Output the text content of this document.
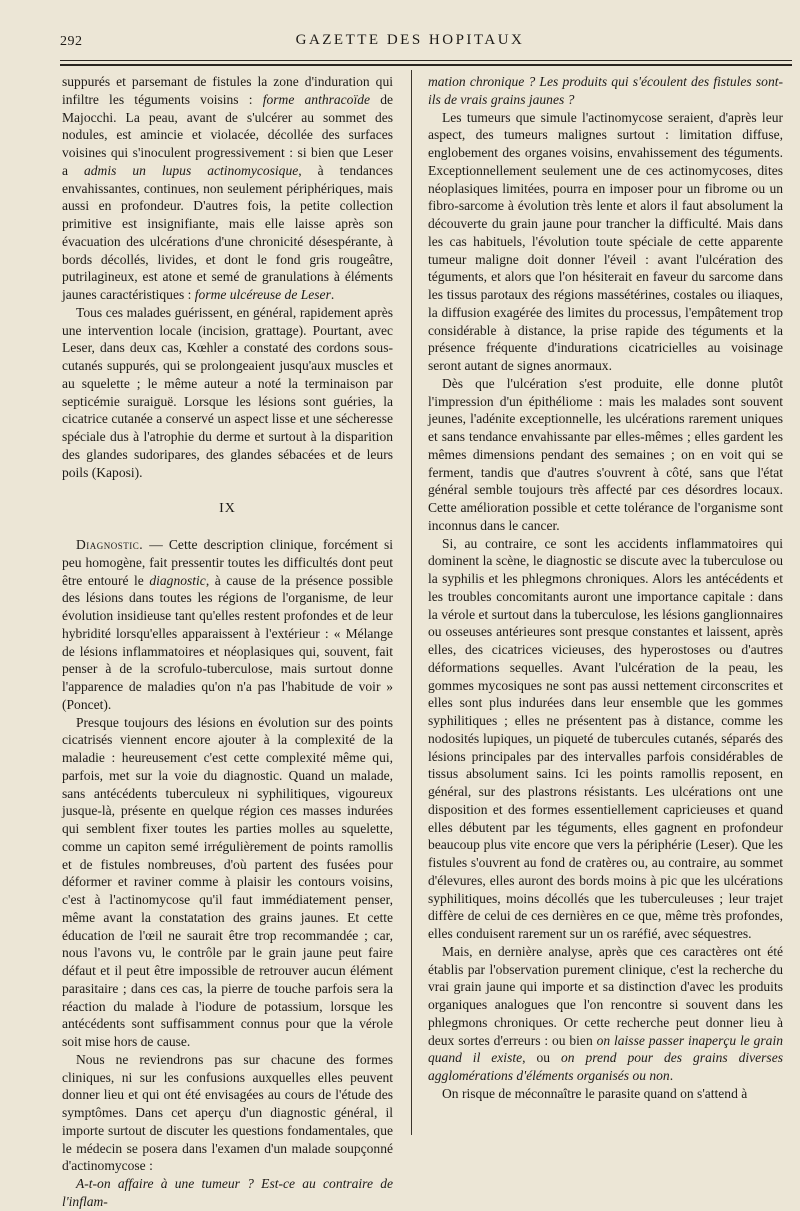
292	GAZETTE DES HOPITAUX

suppurés et parsemant de fistules la zone d'induration qui infiltre les téguments voisins : forme anthracoïde de Majocchi. La peau, avant de s'ulcérer au sommet des nodules, est amincie et violacée, décollée des surfaces voisines qui s'inoculent progressivement : si bien que Leser a admis un lupus actinomycosique, à tendances envahissantes, continues, non seulement périphériques, mais aussi en profondeur. D'autres fois, la petite collection primitive est insignifiante, mais elle laisse après son évacuation des ulcérations d'une chronicité désespérante, à bords décollés, livides, et dont le fond gris rougeâtre, putrilagineux, est atone et semé de granulations à éléments jaunes caractéristiques : forme ulcéreuse de Leser.

Tous ces malades guérissent, en général, rapidement après une intervention locale (incision, grattage). Pourtant, avec Leser, dans deux cas, Kœhler a constaté des cordons sous-cutanés suppurés, qui se prolongeaient jusqu'aux muscles et au squelette ; le même auteur a noté la terminaison par septicémie suraiguë. Lorsque les lésions sont guéries, la cicatrice cutanée a conservé un aspect lisse et une sécheresse spéciale dus à l'atrophie du derme et surtout à la disparition des glandes sudoripares, des glandes sébacées et de leurs poils (Kaposi).

IX

Diagnostic. — Cette description clinique, forcément si peu homogène, fait pressentir toutes les difficultés dont peut être entouré le diagnostic, à cause de la présence possible des lésions dans toutes les régions de l'organisme, de leur évolution insidieuse tant qu'elles restent profondes et de leur hybridité lorsqu'elles apparaissent à l'extérieur : « Mélange de lésions inflammatoires et néoplasiques qui, souvent, fait penser à de la scrofulo-tuberculose, mais surtout donne l'apparence de maladies qu'on n'a pas l'habitude de voir » (Poncet).

Presque toujours des lésions en évolution sur des points cicatrisés viennent encore ajouter à la complexité de la maladie : heureusement c'est cette complexité même qui, parfois, met sur la voie du diagnostic. Quand un malade, sans antécédents tuberculeux ni syphilitiques, vigoureux jusque-là, présente en quelque région ces masses indurées qui semblent fixer toutes les parties molles au squelette, comme un capiton semé irrégulièrement de points ramollis et de fistules nombreuses, d'où partent des fusées pour déformer et raviner comme à plaisir les contours voisins, c'est à l'actinomycose qu'il faut immédiatement penser, même avant la constatation des grains jaunes. Et cette éducation de l'œil ne saurait être trop recommandée ; car, nous l'avons vu, le contrôle par le grain jaune peut faire défaut et il peut être impossible de retrouver aucun élément parasitaire ; dans ces cas, la pierre de touche parfois sera la réaction du malade à l'iodure de potassium, lorsque les antécédents sont suffisamment connus pour que la vérole soit mise hors de cause.

Nous ne reviendrons pas sur chacune des formes cliniques, ni sur les confusions auxquelles elles peuvent donner lieu et qui ont été envisagées au cours de l'étude des symptômes. Dans cet aperçu d'un diagnostic général, il importe surtout de discuter les questions fondamentales, que le médecin se posera dans l'examen d'un malade soupçonné d'actinomycose :

A-t-on affaire à une tumeur ? Est-ce au contraire de l'inflam-

mation chronique ? Les produits qui s'écoulent des fistules sont-ils de vrais grains jaunes ?

Les tumeurs que simule l'actinomycose seraient, d'après leur aspect, des tumeurs malignes surtout : limitation diffuse, englobement des organes voisins, envahissement des téguments. Exceptionnellement seulement une de ces actinomycoses, dites néoplasiques limitées, pourra en imposer pour un fibrome ou un fibro-sarcome à évolution très lente et alors il faut absolument la découverte du grain jaune pour trancher la difficulté. Mais dans les cas habituels, l'évolution toute spéciale de cette apparente tumeur maligne doit donner l'éveil : avant l'ulcération des téguments, et alors que l'on hésiterait en faveur du sarcome dans les tissus parotaux des régions massétérines, costales ou iliaques, la diffusion exagérée des limites du processus, l'empâtement trop considérable à distance, la prise rapide des téguments et la présence fréquente d'indurations cicatricielles au voisinage seront autant de signes anormaux.

Dès que l'ulcération s'est produite, elle donne plutôt l'impression d'un épithéliome : mais les malades sont souvent jeunes, l'adénite exceptionnelle, les ulcérations rarement uniques et sans tendance envahissante par elles-mêmes ; elles gardent les mêmes dimensions pendant des semaines ; on en voit qui se ferment, tandis que d'autres s'ouvrent à côté, sans que l'état général semble toujours très affecté par ces désordres locaux. Cette amélioration possible et cette tolérance de l'organisme sont inconnus dans le cancer.

Si, au contraire, ce sont les accidents inflammatoires qui dominent la scène, le diagnostic se discute avec la tuberculose ou la syphilis et les phlegmons chroniques. Alors les antécédents et les troubles concomitants auront une importance capitale : dans la vérole et surtout dans la tuberculose, les lésions ganglionnaires ou osseuses antérieures sont presque constantes et laissent, après elles, des cicatrices vicieuses, des hyperostoses ou d'autres déformations sequelles. Avant l'ulcération de la peau, les gommes mycosiques ne sont pas aussi nettement circonscrites et elles sont plus indurées dans leur ensemble que les gommes syphilitiques ; elles ne présentent pas à distance, comme les nodosités lupiques, un piqueté de tubercules cutanés, séparés des lésions principales par des intervalles parfois considérables de tissus absolument sains. Ici les points ramollis reposent, en général, sur des plastrons résistants. Les ulcérations ont une disposition et des formes essentiellement capricieuses et quand elles débutent par les téguments, elles gagnent en profondeur beaucoup plus vite encore que vers la périphérie (Leser). Que les fistules s'ouvrent au fond de cratères ou, au contraire, au sommet d'élevures, elles auront des bords moins à pic que les ulcérations syphilitiques, moins décollés que les tuberculeuses ; leur trajet diffère de celui de ces dernières en ce que, même très profondes, elles conduisent rarement sur un os raréfié, avec séquestres.

Mais, en dernière analyse, après que ces caractères ont été établis par l'observation purement clinique, c'est la recherche du vrai grain jaune qui importe et sa distinction d'avec les produits organiques analogues que l'on rencontre si souvent dans les phlegmons chroniques. Or cette recherche peut donner lieu à deux sortes d'erreurs : ou bien on laisse passer inaperçu le grain quand il existe, ou on prend pour des grains diverses agglomérations d'éléments organisés ou non.

On risque de méconnaître le parasite quand on s'attend à
